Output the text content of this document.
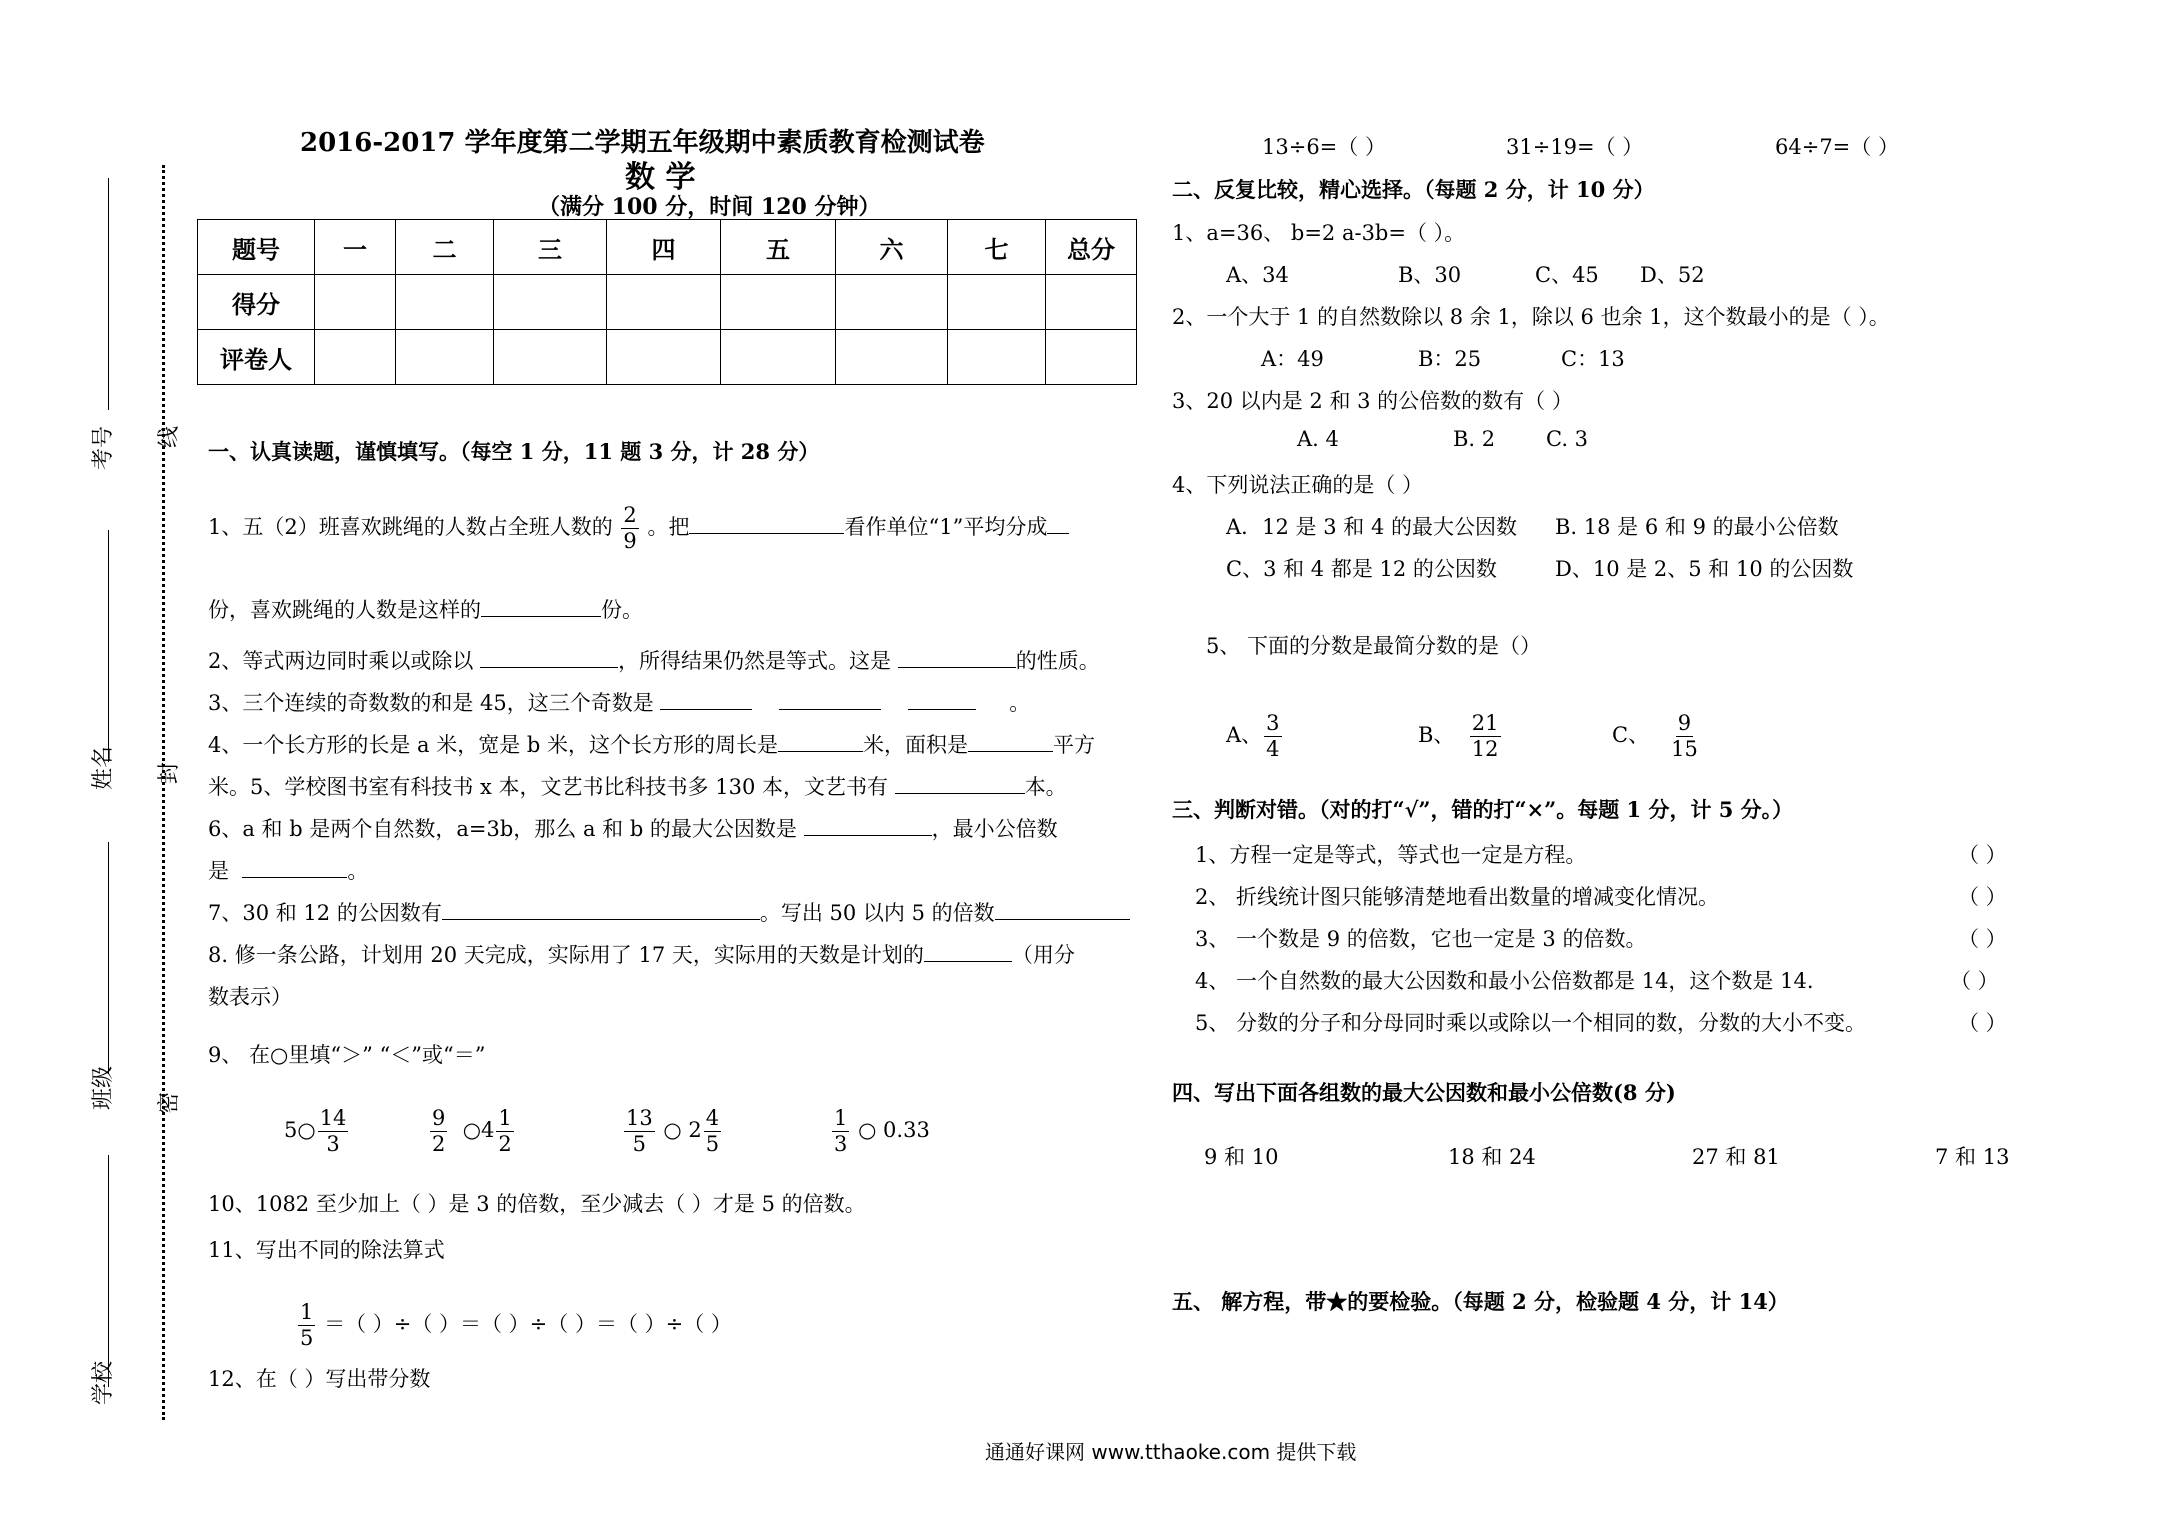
考号
姓名
班级
学校
线
封
密
2016-2017 学年度第二学期五年级期中素质教育检测试卷
数 学
（满分 100 分，时间 120 分钟）
题号	一	二	三	四	五	六	七	总分
得分								
评卷人								
一、认真读题，谨慎填写。（每空 1 分，11 题 3 分，计 28 分）
1、五（2）班喜欢跳绳的人数占全班人数的 $\frac{2}{9}$ 。把	看作单位“1”平均分成
份，喜欢跳绳的人数是这样的	份。
2、等式两边同时乘以或除以	，所得结果仍然是等式。这是	的性质。
3、三个连续的奇数数的和是 45，这三个奇数是	。
4、一个长方形的长是 a 米，宽是 b 米，这个长方形的周长是	米，面积是	平方
米。5、学校图书室有科技书 x 本，文艺书比科技书多 130 本，文艺书有	本。
6、a 和 b 是两个自然数，a=3b，那么 a 和 b 的最大公因数是	，最小公倍数
是	。
7、30 和 12 的公因数有	。写出 50 以内 5 的倍数
8. 修一条公路，计划用 20 天完成，实际用了 17 天，实际用的天数是计划的	（用分
数表示）
9、 在○里填“＞” “＜”或“＝”
5○ $\frac{14}{3}$	$\frac{9}{2}$ ○4 $\frac{1}{2}$	$\frac{13}{5}$ ○ $2 \frac{4}{5}$	$\frac{1}{3}$ ○ 0.33
10、1082 至少加上（ ）是 3 的倍数，至少减去（ ）才是 5 的倍数。
11、写出不同的除法算式
$\frac{1}{5}$ ＝（ ）÷（ ）＝（ ）÷（ ）＝（ ）÷（ ）
12、在（ ）写出带分数
13÷6=（ ）	31÷19=（ ）	64÷7=（ ）
二、反复比较，精心选择。（每题 2 分，计 10 分）
1、a=36、 b=2 a-3b=（ ）。
A、34	B、30	C、45 D、52
2、一个大于 1 的自然数除以 8 余 1，除以 6 也余 1，这个数最小的是（ ）。
A：49	B：25	C：13
3、20 以内是 2 和 3 的公倍数的数有（ ）
A. 4	B. 2 C. 3
4、下列说法正确的是（ ）
A．12 是 3 和 4 的最大公因数 B. 18 是 6 和 9 的最小公倍数
C、3 和 4 都是 12 的公因数	D、10 是 2、5 和 10 的公因数
5、 下面的分数是最简分数的是（）
A、 $\frac{3}{4}$	B、 $\frac{21}{12}$	C、 $\frac{9}{15}$
三、判断对错。（对的打“√”，错的打“×”。每题 1 分，计 5 分。）
1、方程一定是等式，等式也一定是方程。	（ ）
2、 折线统计图只能够清楚地看出数量的增减变化情况。	（ ）
3、 一个数是 9 的倍数，它也一定是 3 的倍数。	（ ）
4、 一个自然数的最大公因数和最小公倍数都是 14，这个数是 14.	（ ）
5、 分数的分子和分母同时乘以或除以一个相同的数，分数的大小不变。	（ ）
四、写出下面各组数的最大公因数和最小公倍数(8 分)
9 和 10	18 和 24	27 和 81	7 和 13
五、 解方程，带★的要检验。（每题 2 分，检验题 4 分，计 14）
通通好课网 www.tthaoke.com 提供下载
